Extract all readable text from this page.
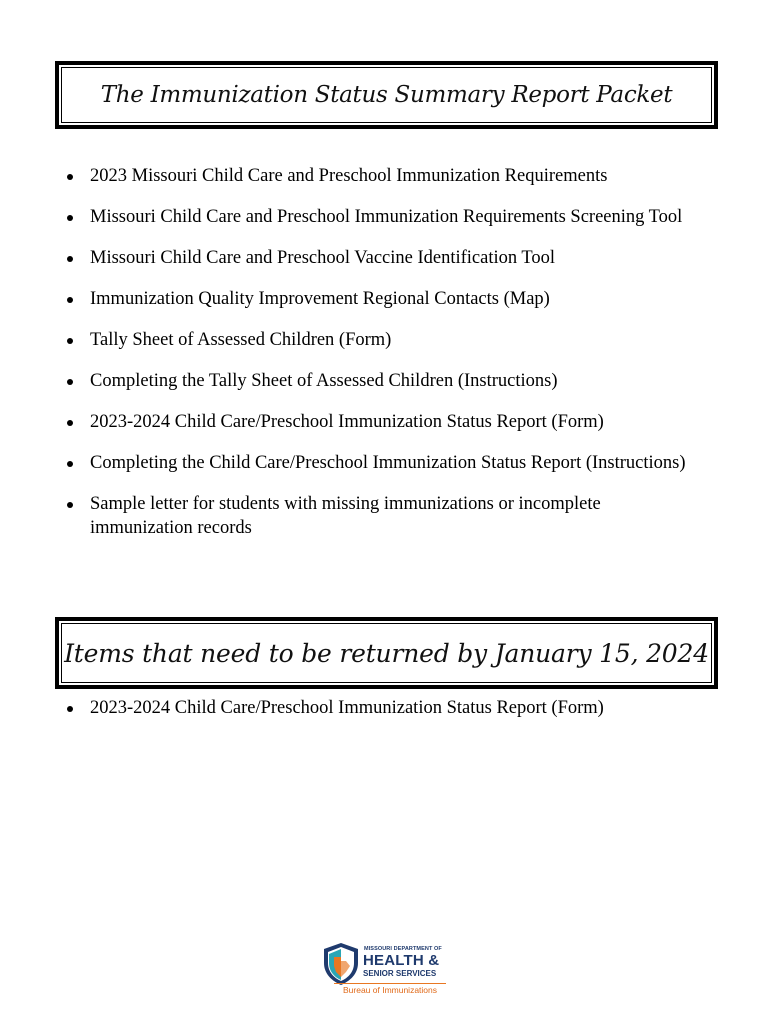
The Immunization Status Summary Report Packet
2023 Missouri Child Care and Preschool Immunization Requirements
Missouri Child Care and Preschool Immunization Requirements Screening Tool
Missouri Child Care and Preschool Vaccine Identification Tool
Immunization Quality Improvement Regional Contacts (Map)
Tally Sheet of Assessed Children (Form)
Completing the Tally Sheet of Assessed Children (Instructions)
2023-2024 Child Care/Preschool Immunization Status Report (Form)
Completing the Child Care/Preschool Immunization Status Report (Instructions)
Sample letter for students with missing immunizations or incomplete immunization records
Items that need to be returned by January 15, 2024
2023-2024 Child Care/Preschool Immunization Status Report (Form)
MISSOURI DEPARTMENT OF
HEALTH &
SENIOR SERVICES
Bureau of Immunizations
